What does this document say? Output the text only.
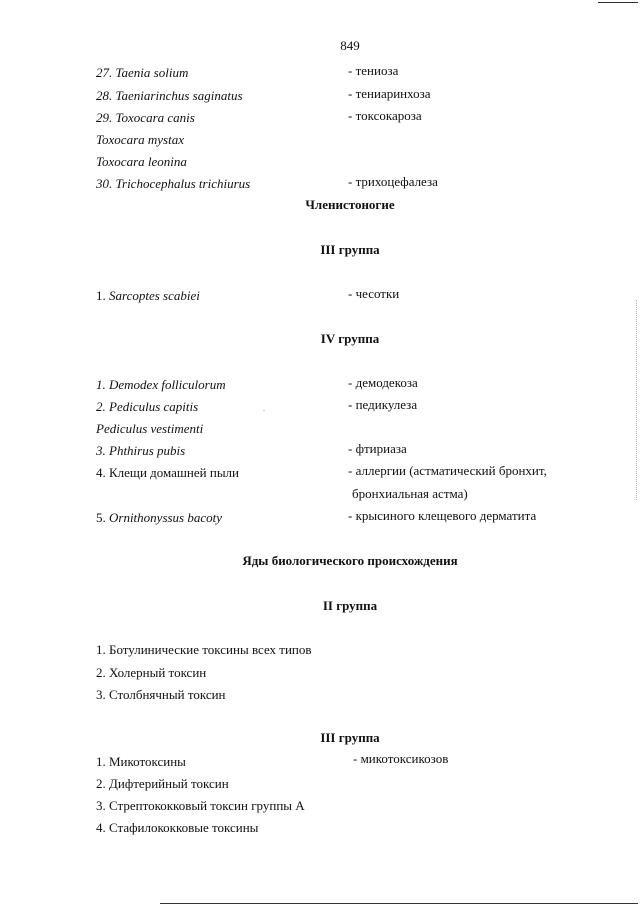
849
27. Taenia solium	- тениоза
28. Taeniarinchus saginatus	- тениаринхоза
29. Toxocara canis	- токсокароза
Toxocara mystax
Toxocara leonina
30. Trichocephalus trichiurus	- трихоцефалеза
Членистоногие
III группа
1. Sarcoptes scabiei	- чесотки
IV группа
1. Demodex folliculorum	- демодекоза
2. Pediculus capitis	- педикулеза
Pediculus vestimenti
3. Phthirus pubis	- фтириаза
4. Клещи домашней пыли	- аллергии (астматический бронхит,
бронхиальная астма)
5. Ornithonyssus bacoty	- крысиного клещевого дерматита
Яды биологического происхождения
II группа
1. Ботулинические токсины всех типов
2. Холерный токсин
3. Столбнячный токсин
III группа
1. Микотоксины	- микотоксикозов
2. Дифтерийный токсин
3. Стрептококковый токсин группы А
4. Стафилококковые токсины
